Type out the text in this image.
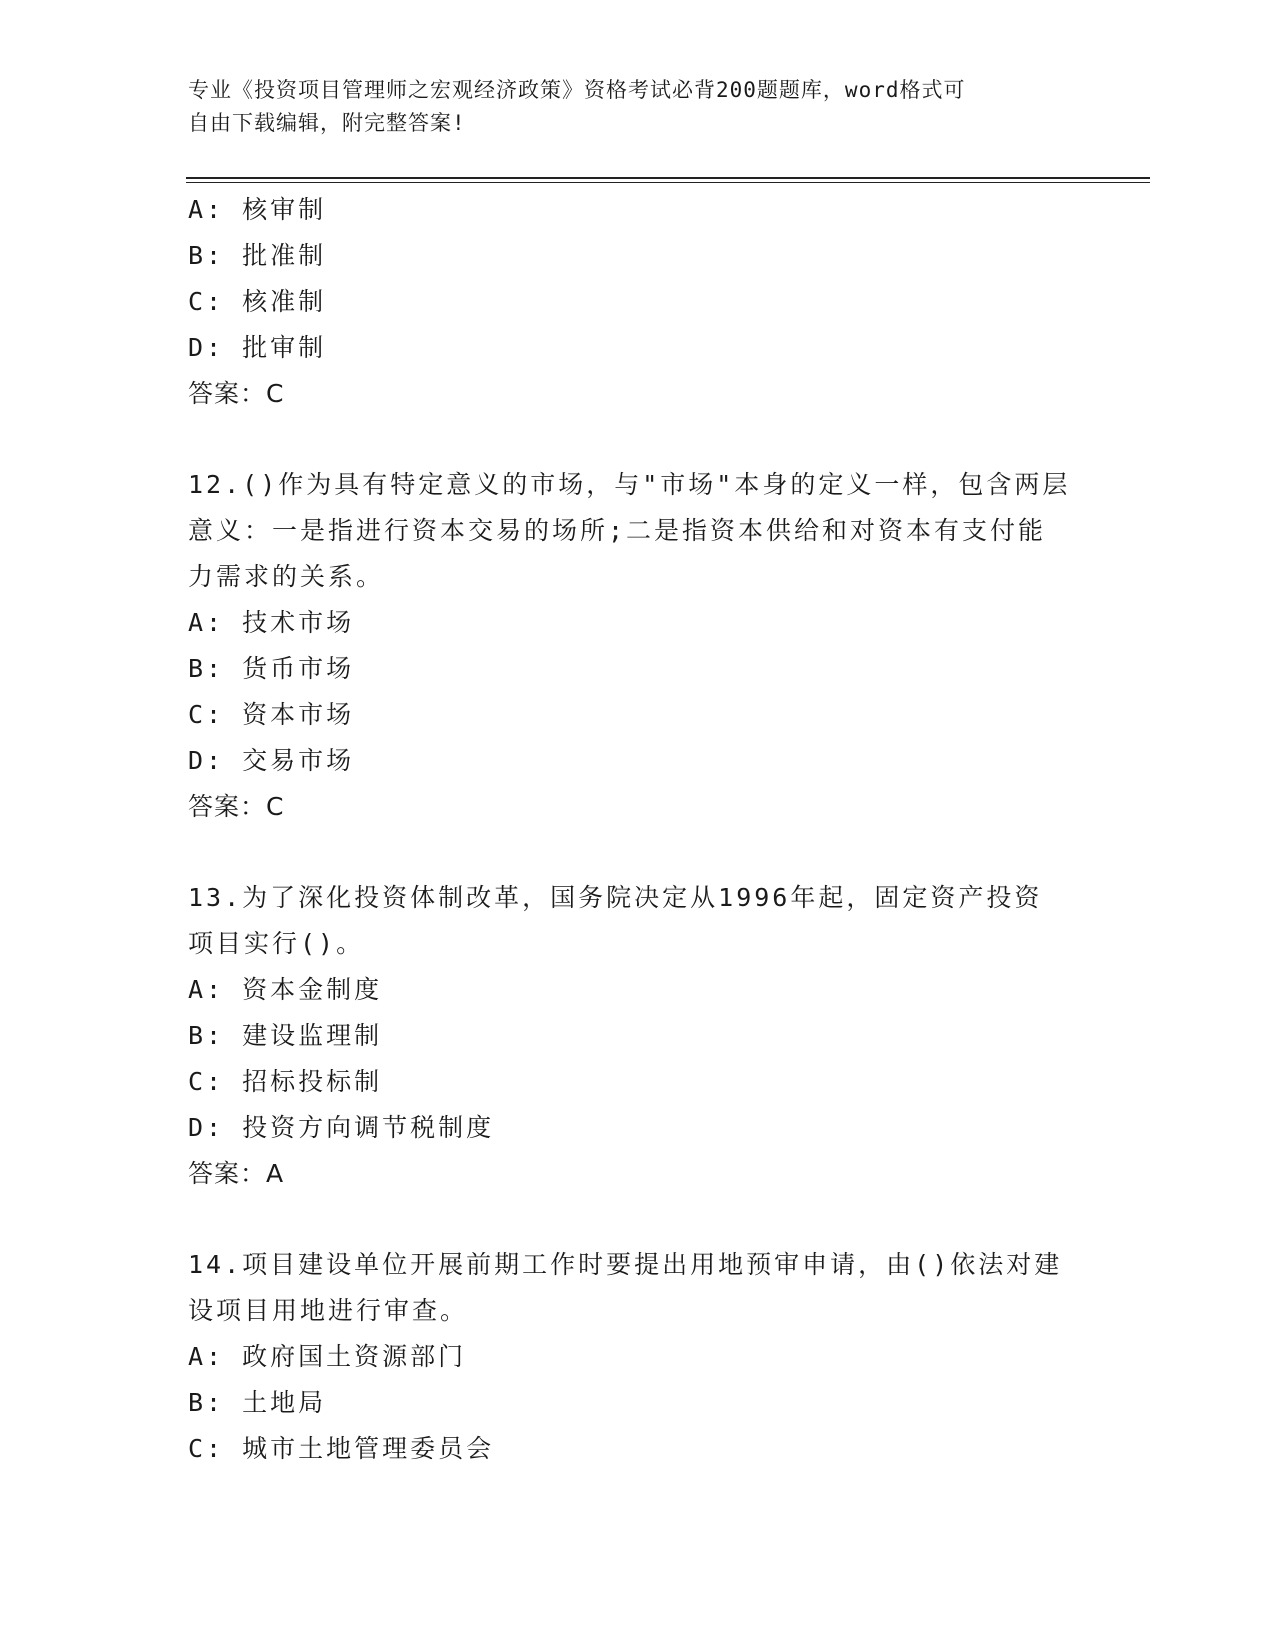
专业《投资项目管理师之宏观经济政策》资格考试必背200题题库，word格式可
自由下载编辑，附完整答案!
A: 核审制
B: 批准制
C: 核准制
D: 批审制
答案：C
12.()作为具有特定意义的市场，与"市场"本身的定义一样，包含两层
意义：一是指进行资本交易的场所;二是指资本供给和对资本有支付能
力需求的关系。
A: 技术市场
B: 货币市场
C: 资本市场
D: 交易市场
答案：C
13.为了深化投资体制改革，国务院决定从1996年起，固定资产投资
项目实行()。
A: 资本金制度
B: 建设监理制
C: 招标投标制
D: 投资方向调节税制度
答案：A
14.项目建设单位开展前期工作时要提出用地预审申请，由()依法对建
设项目用地进行审查。
A: 政府国土资源部门
B: 土地局
C: 城市土地管理委员会
